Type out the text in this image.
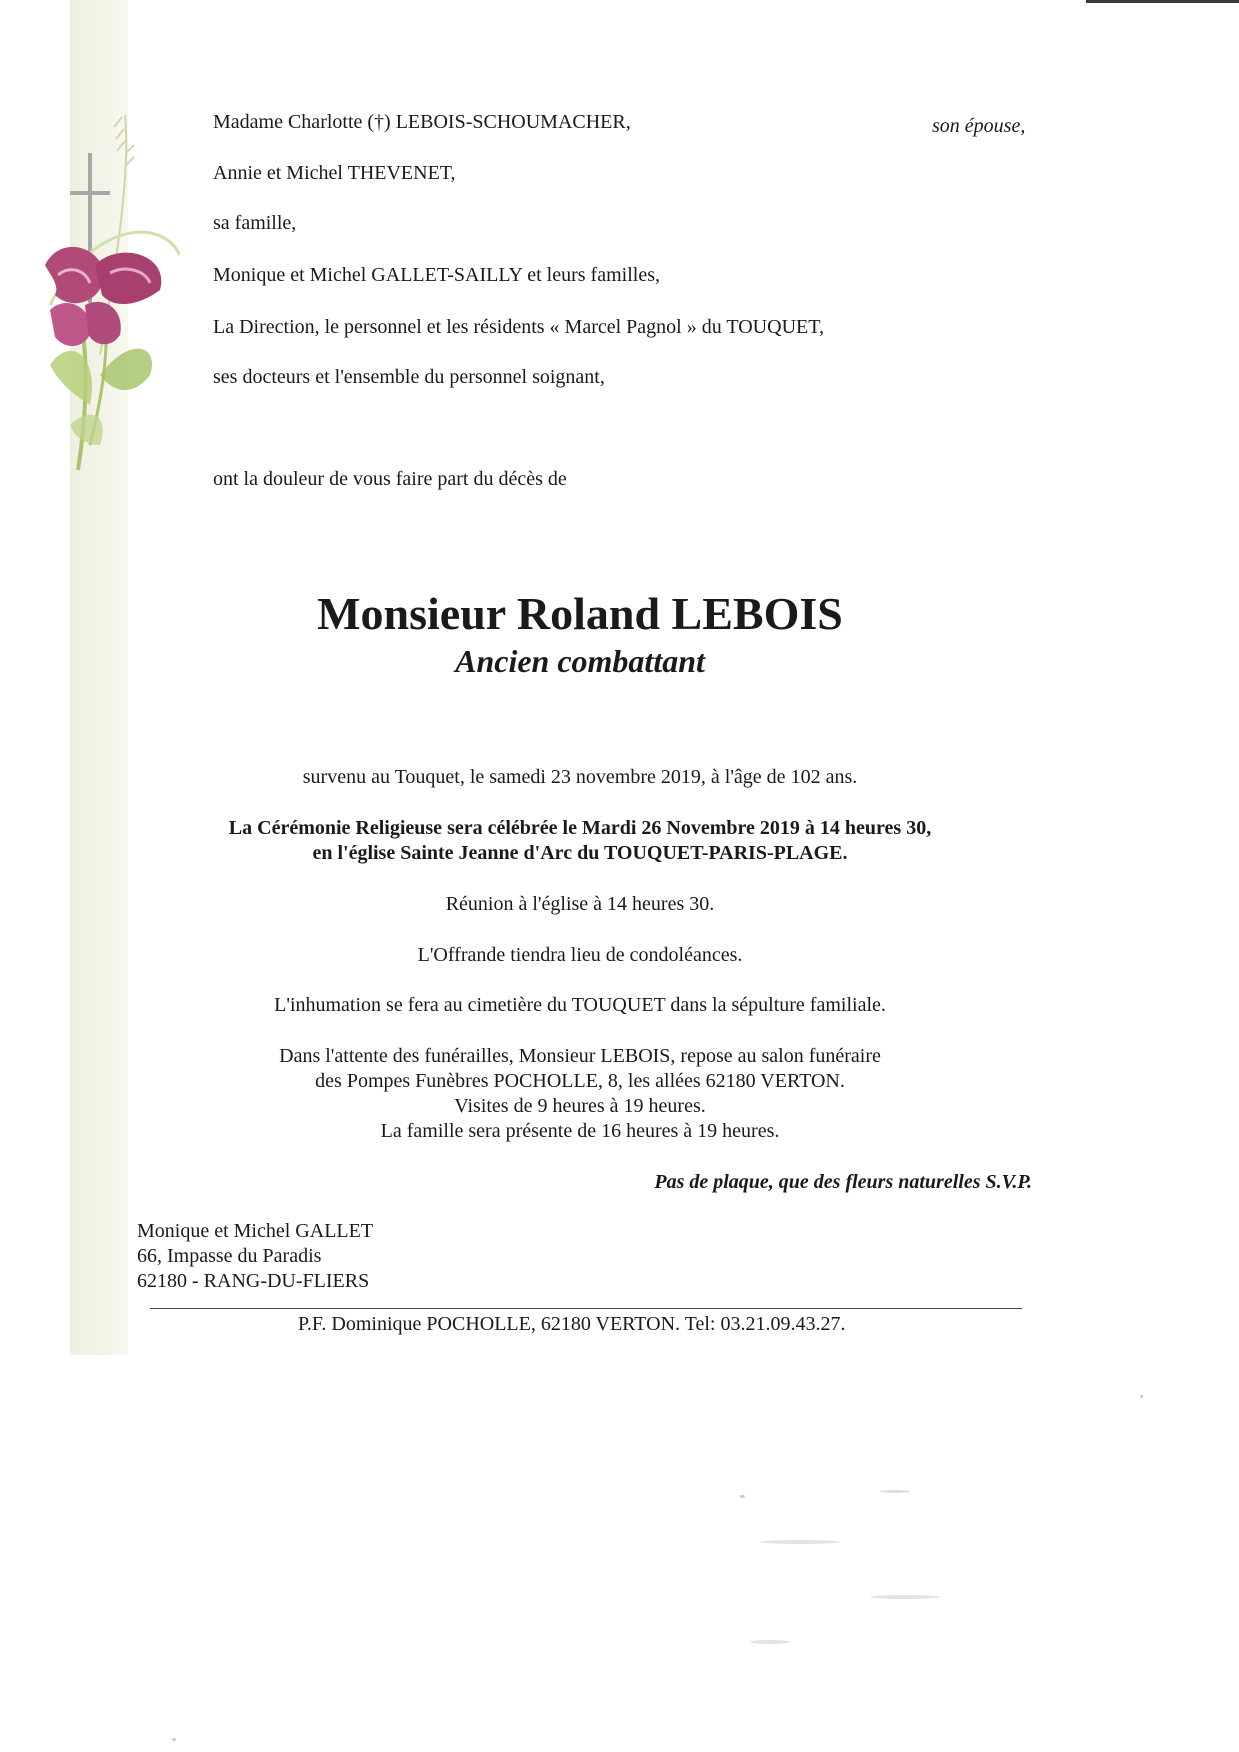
Madame Charlotte (†) LEBOIS-SCHOUMACHER,	son épouse,
Annie et Michel THEVENET,
sa famille,
Monique et Michel GALLET-SAILLY et leurs familles,
La Direction, le personnel et les résidents « Marcel Pagnol » du TOUQUET,
ses docteurs et l'ensemble du personnel soignant,
ont la douleur de vous faire part du décès de
Monsieur Roland LEBOIS
Ancien combattant
survenu au Touquet, le samedi 23 novembre 2019, à l'âge de 102 ans.
La Cérémonie Religieuse sera célébrée le Mardi 26 Novembre 2019 à 14 heures 30,
en l'église Sainte Jeanne d'Arc du TOUQUET-PARIS-PLAGE.
Réunion à l'église à 14 heures 30.
L'Offrande tiendra lieu de condoléances.
L'inhumation se fera au cimetière du TOUQUET dans la sépulture familiale.
Dans l'attente des funérailles, Monsieur LEBOIS, repose au salon funéraire
des Pompes Funèbres POCHOLLE, 8, les allées 62180 VERTON.
Visites de 9 heures à 19 heures.
La famille sera présente de 16 heures à 19 heures.
Pas de plaque, que des fleurs naturelles S.V.P.
Monique et Michel GALLET
66, Impasse du Paradis
62180 - RANG-DU-FLIERS
P.F. Dominique POCHOLLE, 62180 VERTON. Tel: 03.21.09.43.27.
